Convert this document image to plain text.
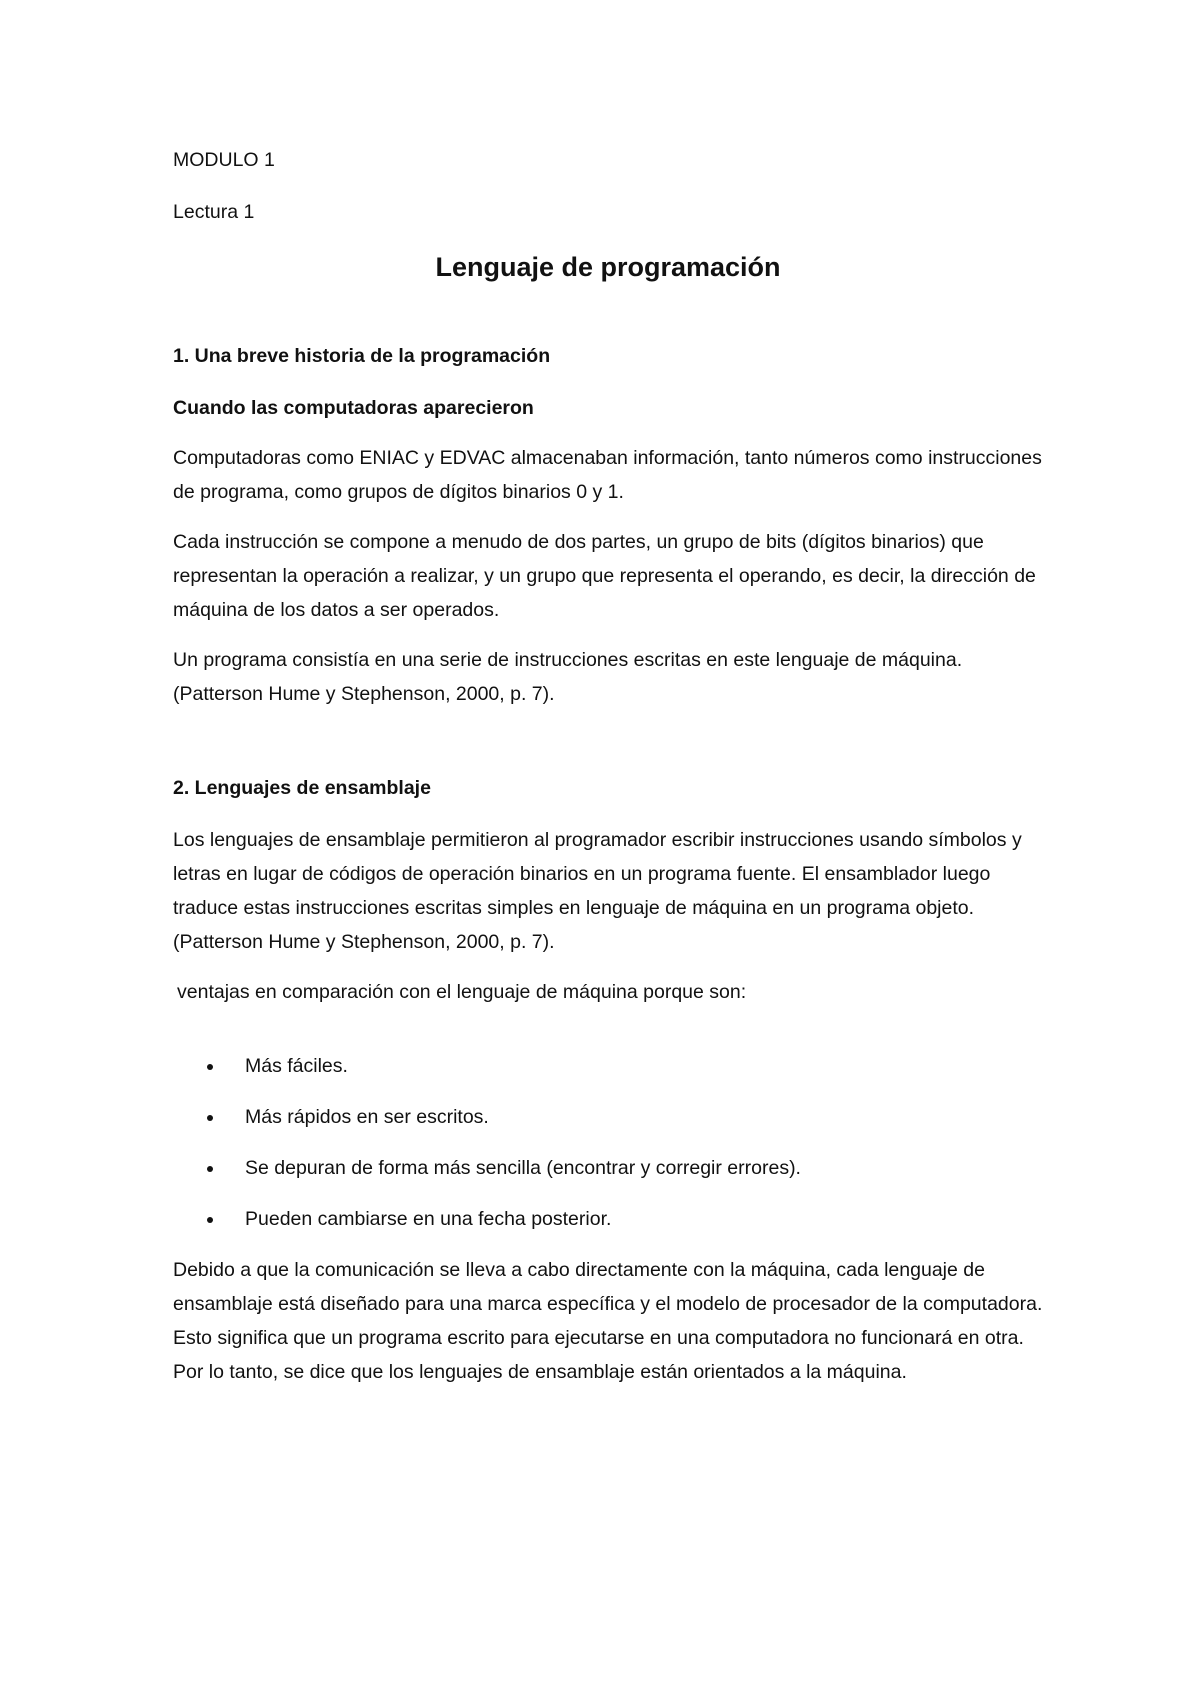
MODULO 1

Lectura 1

Lenguaje de programación

1. Una breve historia de la programación

Cuando las computadoras aparecieron

Computadoras como ENIAC y EDVAC almacenaban información, tanto números como instrucciones de programa, como grupos de dígitos binarios 0 y 1.

Cada instrucción se compone a menudo de dos partes, un grupo de bits (dígitos binarios) que representan la operación a realizar, y un grupo que representa el operando, es decir, la dirección de máquina de los datos a ser operados.

Un programa consistía en una serie de instrucciones escritas en este lenguaje de máquina. (Patterson Hume y Stephenson, 2000, p. 7).

2. Lenguajes de ensamblaje

Los lenguajes de ensamblaje permitieron al programador escribir instrucciones usando símbolos y letras en lugar de códigos de operación binarios en un programa fuente. El ensamblador luego traduce estas instrucciones escritas simples en lenguaje de máquina en un programa objeto. (Patterson Hume y Stephenson, 2000, p. 7).

ventajas en comparación con el lenguaje de máquina porque son:

Más fáciles.
Más rápidos en ser escritos.
Se depuran de forma más sencilla (encontrar y corregir errores).
Pueden cambiarse en una fecha posterior.

Debido a que la comunicación se lleva a cabo directamente con la máquina, cada lenguaje de ensamblaje está diseñado para una marca específica y el modelo de procesador de la computadora. Esto significa que un programa escrito para ejecutarse en una computadora no funcionará en otra. Por lo tanto, se dice que los lenguajes de ensamblaje están orientados a la máquina.
